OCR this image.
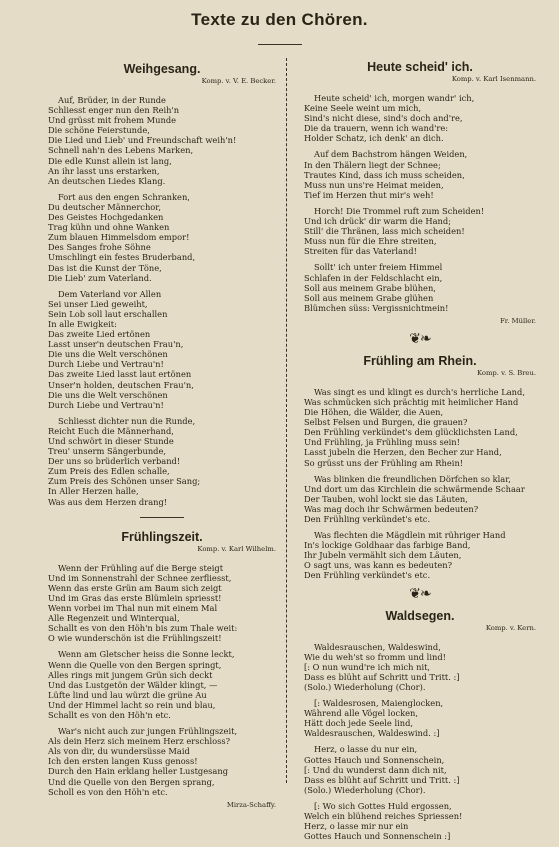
Texte zu den Chören.
Weihgesang.
Komp. v. V. E. Becker.
Auf, Brüder, in der Runde
Schliesst enger nun den Reih'n
Und grüsst mit frohem Munde
Die schöne Feierstunde,
Die Lied und Lieb' und Freundschaft weih'n!
Schnell nah'n des Lebens Marken,
Die edle Kunst allein ist lang,
An ihr lasst uns erstarken,
An deutschen Liedes Klang.
Fort aus den engen Schranken,
Du deutscher Männerchor,
Des Geistes Hochgedanken
Trag kühn und ohne Wanken
Zum blauen Himmelsdom empor!
Des Sanges frohe Söhne
Umschlingt ein festes Bruderband,
Das ist die Kunst der Töne,
Die Lieb' zum Vaterland.
Dem Vaterland vor Allen
Sei unser Lied geweiht,
Sein Lob soll laut erschallen
In alle Ewigkeit:
Das zweite Lied ertönen
Lasst unser'n deutschen Frau'n,
Die uns die Welt verschönen
Durch Liebe und Vertrau'n!
Das zweite Lied lasst laut ertönen
Unser'n holden, deutschen Frau'n,
Die uns die Welt verschönen
Durch Liebe und Vertrau'n!
Schliesst dichter nun die Runde,
Reicht Euch die Männerhand,
Und schwört in dieser Stunde
Treu' unserm Sängerbunde,
Der uns so brüderlich verband!
Zum Preis des Edlen schalle,
Zum Preis des Schönen unser Sang;
In Aller Herzen halle,
Was aus dem Herzen drang!
Frühlingszeit.
Komp. v. Karl Wilhelm.
Wenn der Frühling auf die Berge steigt
Und im Sonnenstrahl der Schnee zerfliesst,
Wenn das erste Grün am Baum sich zeigt
Und im Gras das erste Blümlein spriesst!
Wenn vorbei im Thal nun mit einem Mal
Alle Regenzeit und Winterqual,
Schallt es von den Höh'n bis zum Thale weit:
O wie wunderschön ist die Frühlingszeit!
Wenn am Gletscher heiss die Sonne leckt,
Wenn die Quelle von den Bergen springt,
Alles rings mit jungem Grün sich deckt
Und das Lustgetön der Wälder klingt, —
Lüfte lind und lau würzt die grüne Au
Und der Himmel lacht so rein und blau,
Schallt es von den Höh'n etc.
War's nicht auch zur jungen Frühlingszeit,
Als dein Herz sich meinem Herz erschloss?
Als von dir, du wundersüsse Maid
Ich den ersten langen Kuss genoss!
Durch den Hain erklang heller Lustgesang
Und die Quelle von den Bergen sprang,
Scholl es von den Höh'n etc.
Mirza-Schaffy.
Heute scheid' ich.
Komp. v. Karl Isenmann.
Heute scheid' ich, morgen wandr' ich,
Keine Seele weint um mich,
Sind's nicht diese, sind's doch and're,
Die da trauern, wenn ich wand're:
Holder Schatz, ich denk' an dich.
Auf dem Bachstrom hängen Weiden,
In den Thälern liegt der Schnee;
Trautes Kind, dass ich muss scheiden,
Muss nun uns're Heimat meiden,
Tief im Herzen thut mir's weh!
Horch! Die Trommel ruft zum Scheiden!
Und ich drück' dir warm die Hand;
Still' die Thränen, lass mich scheiden!
Muss nun für die Ehre streiten,
Streiten für das Vaterland!
Sollt' ich unter freiem Himmel
Schlafen in der Feldschlacht ein,
Soll aus meinem Grabe blühen,
Soll aus meinem Grabe glühen
Blümchen süss: Vergissnichtmein!
Fr. Müller.
❦❧
Frühling am Rhein.
Komp. v. S. Breu.
Was singt es und klingt es durch's herrliche Land,
Was schmücken sich prächtig mit heimlicher Hand
Die Höhen, die Wälder, die Auen,
Selbst Felsen und Burgen, die grauen?
Den Frühling verkündet's dem glücklichsten Land,
Und Frühling, ja Frühling muss sein!
Lasst jubeln die Herzen, den Becher zur Hand,
So grüsst uns der Frühling am Rhein!
Was blinken die freundlichen Dörfchen so klar,
Und dort um das Kirchlein die schwärmende Schaar
Der Tauben, wohl lockt sie das Läuten,
Was mag doch ihr Schwärmen bedeuten?
Den Frühling verkündet's etc.
Was flechten die Mägdlein mit rühriger Hand
In's lockige Goldhaar das farbige Band,
Ihr Jubeln vermählt sich dem Läuten,
O sagt uns, was kann es bedeuten?
Den Frühling verkündet's etc.
❦❧
Waldsegen.
Komp. v. Kern.
Waldesrauschen, Waldeswind,
Wie du weh'st so fromm und lind!
[: O nun wund're ich mich nit,
Dass es blüht auf Schritt und Tritt. :]
(Solo.) Wiederholung (Chor).
[: Waldesrosen, Maienglocken,
Während alle Vögel locken,
Hätt doch jede Seele lind,
Waldesrauschen, Waldeswind. :]
Herz, o lasse du nur ein,
Gottes Hauch und Sonnenschein,
[: Und du wunderst dann dich nit,
Dass es blüht auf Schritt und Tritt. :]
(Solo.) Wiederholung (Chor).
[: Wo sich Gottes Huld ergossen,
Welch ein blühend reiches Spriessen!
Herz, o lasse mir nur ein
Gottes Hauch und Sonnenschein :]
